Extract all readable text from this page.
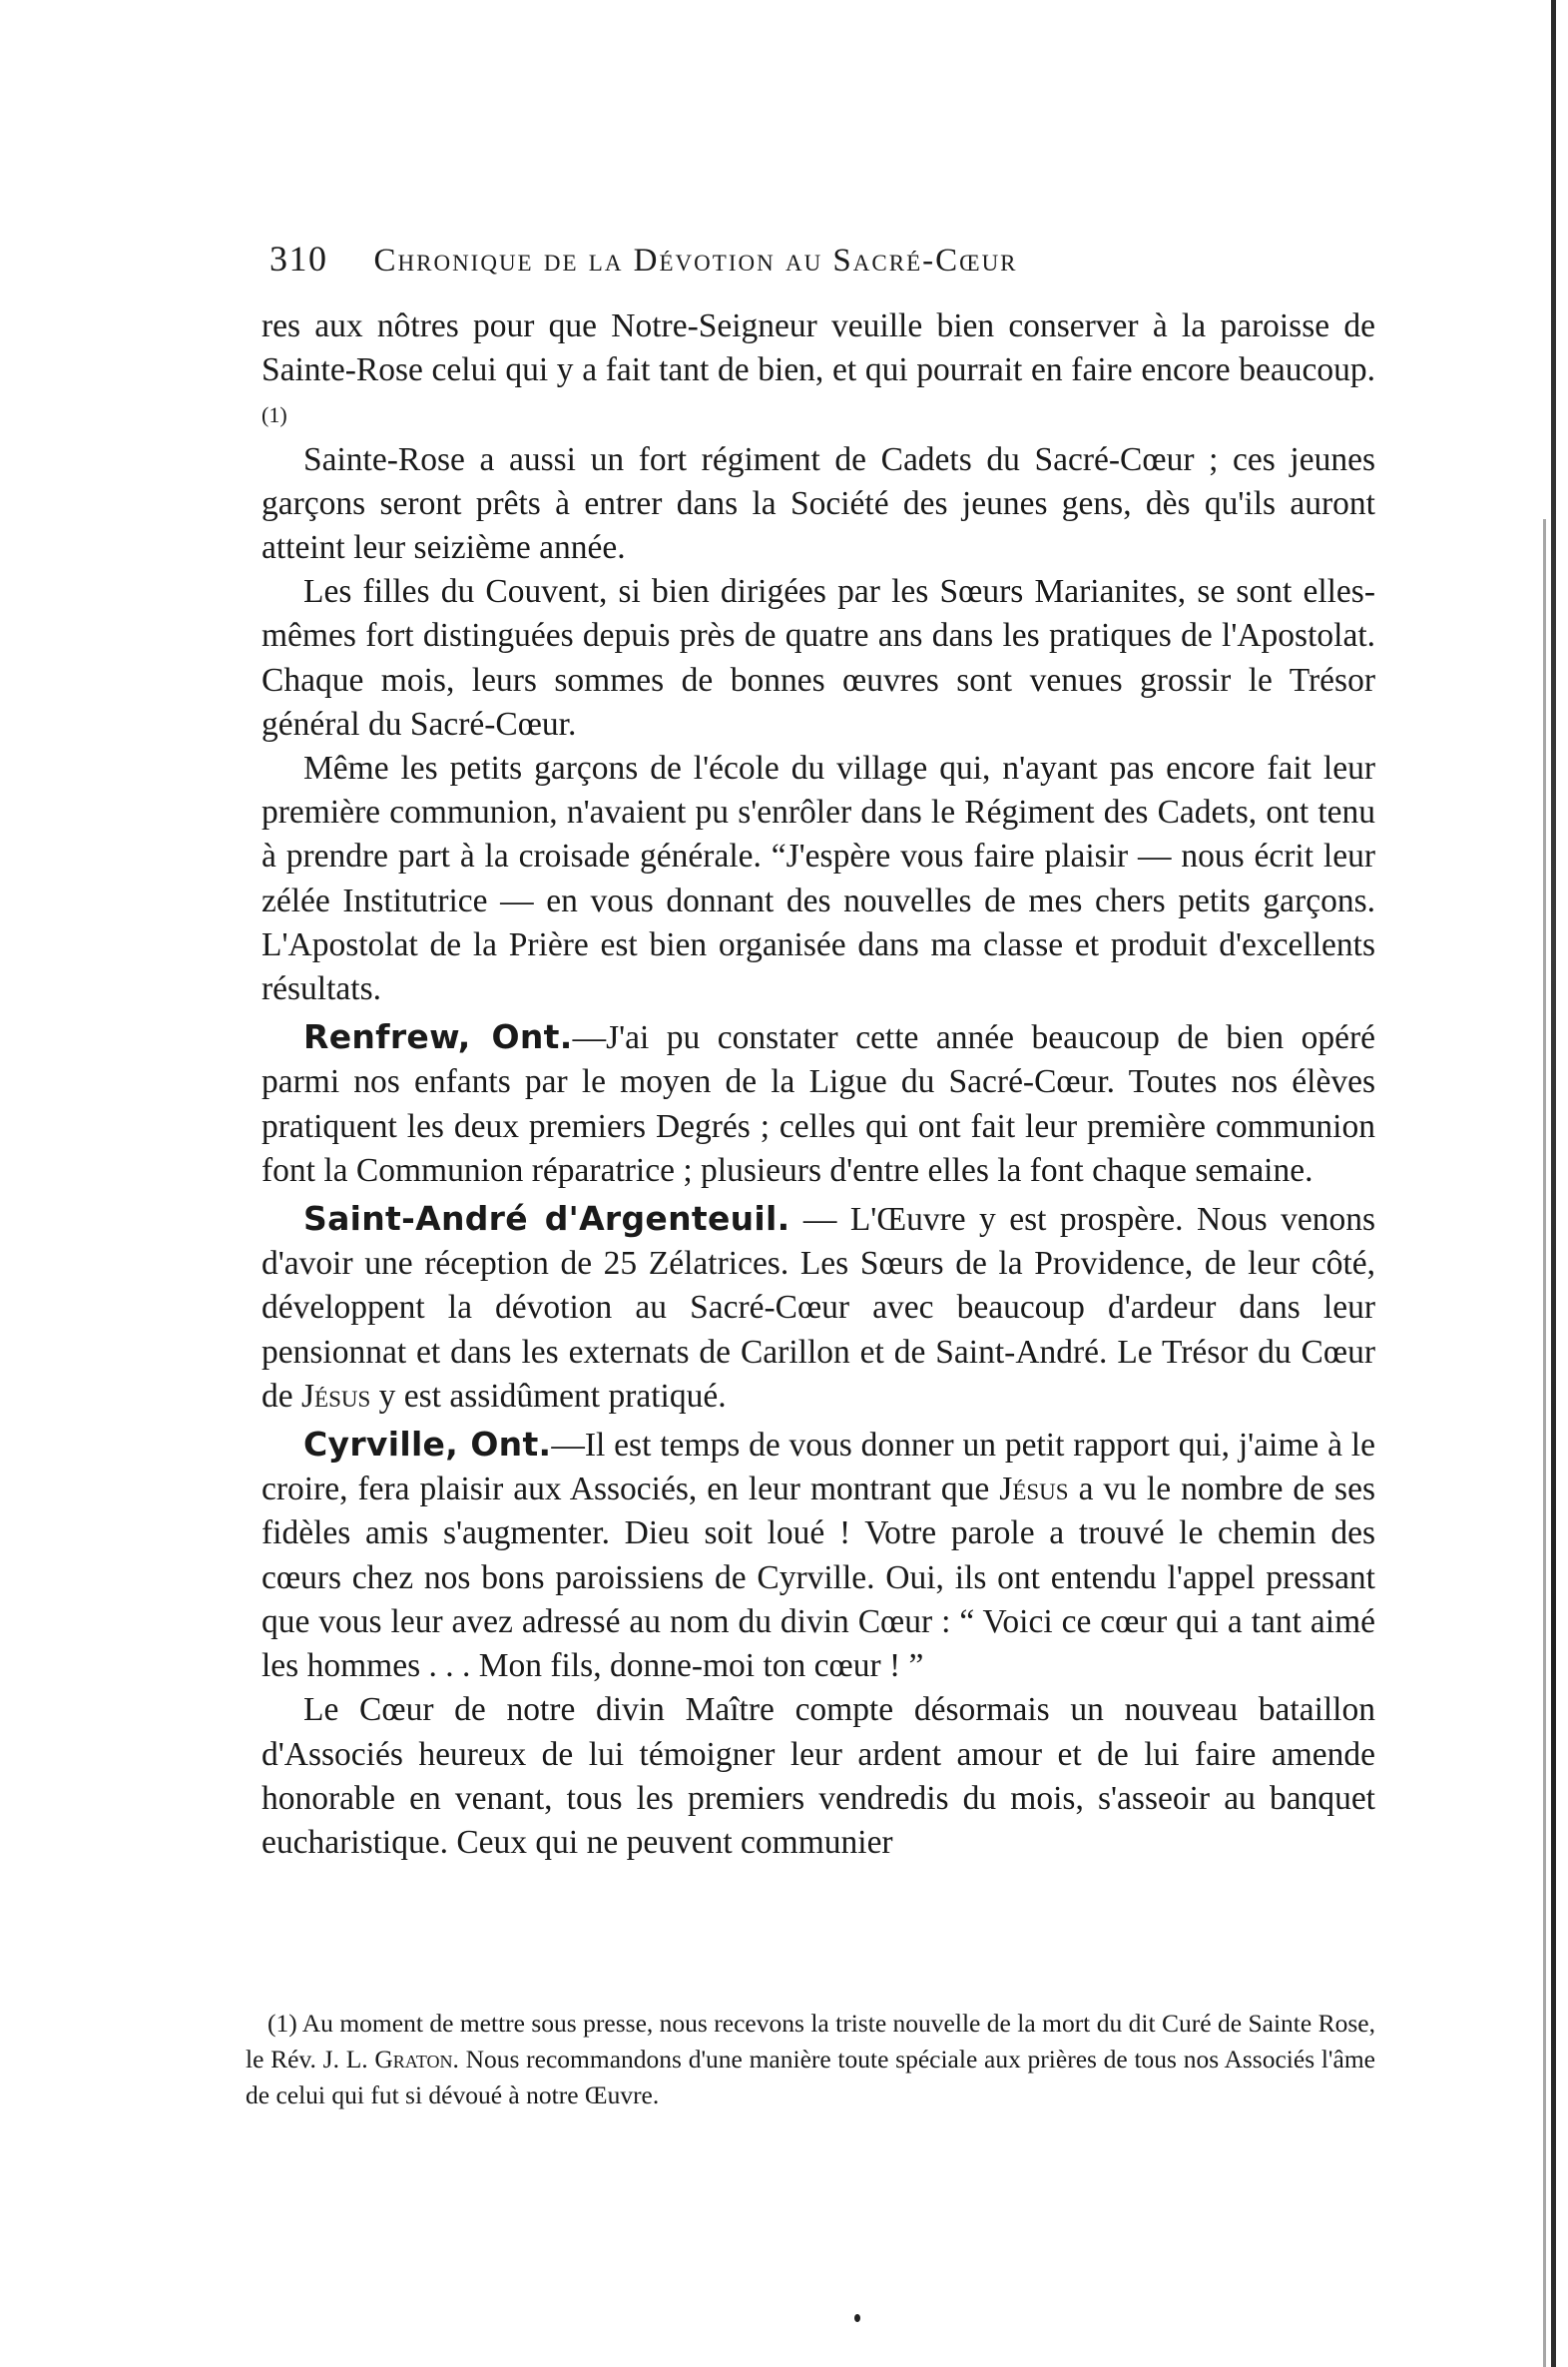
310 Chronique de la Dévotion au Sacré-Cœur

res aux nôtres pour que Notre-Seigneur veuille bien conserver à la paroisse de Sainte-Rose celui qui y a fait tant de bien, et qui pourrait en faire encore beaucoup. (1)

Sainte-Rose a aussi un fort régiment de Cadets du Sacré-Cœur ; ces jeunes garçons seront prêts à entrer dans la Société des jeunes gens, dès qu'ils auront atteint leur seizième année.

Les filles du Couvent, si bien dirigées par les Sœurs Marianites, se sont elles-mêmes fort distinguées depuis près de quatre ans dans les pratiques de l'Apostolat. Chaque mois, leurs sommes de bonnes œuvres sont venues grossir le Trésor général du Sacré-Cœur.

Même les petits garçons de l'école du village qui, n'ayant pas encore fait leur première communion, n'avaient pu s'enrôler dans le Régiment des Cadets, ont tenu à prendre part à la croisade générale. “J'espère vous faire plaisir — nous écrit leur zélée Institutrice — en vous donnant des nouvelles de mes chers petits garçons. L'Apostolat de la Prière est bien organisée dans ma classe et produit d'excellents résultats.

Renfrew, Ont.—J'ai pu constater cette année beaucoup de bien opéré parmi nos enfants par le moyen de la Ligue du Sacré-Cœur. Toutes nos élèves pratiquent les deux premiers Degrés ; celles qui ont fait leur première communion font la Communion réparatrice ; plusieurs d'entre elles la font chaque semaine.

Saint-André d'Argenteuil. — L'Œuvre y est prospère. Nous venons d'avoir une réception de 25 Zélatrices. Les Sœurs de la Providence, de leur côté, développent la dévotion au Sacré-Cœur avec beaucoup d'ardeur dans leur pensionnat et dans les externats de Carillon et de Saint-André. Le Trésor du Cœur de Jésus y est assidûment pratiqué.

Cyrville, Ont.—Il est temps de vous donner un petit rapport qui, j'aime à le croire, fera plaisir aux Associés, en leur montrant que Jésus a vu le nombre de ses fidèles amis s'augmenter. Dieu soit loué ! Votre parole a trouvé le chemin des cœurs chez nos bons paroissiens de Cyrville. Oui, ils ont entendu l'appel pressant que vous leur avez adressé au nom du divin Cœur : “ Voici ce cœur qui a tant aimé les hommes . . . Mon fils, donne-moi ton cœur ! ”

Le Cœur de notre divin Maître compte désormais un nouveau bataillon d'Associés heureux de lui témoigner leur ardent amour et de lui faire amende honorable en venant, tous les premiers vendredis du mois, s'asseoir au banquet eucharistique. Ceux qui ne peuvent communier

(1) Au moment de mettre sous presse, nous recevons la triste nouvelle de la mort du dit Curé de Sainte Rose, le Rév. J. L. Graton. Nous recommandons d'une manière toute spéciale aux prières de tous nos Associés l'âme de celui qui fut si dévoué à notre Œuvre.
